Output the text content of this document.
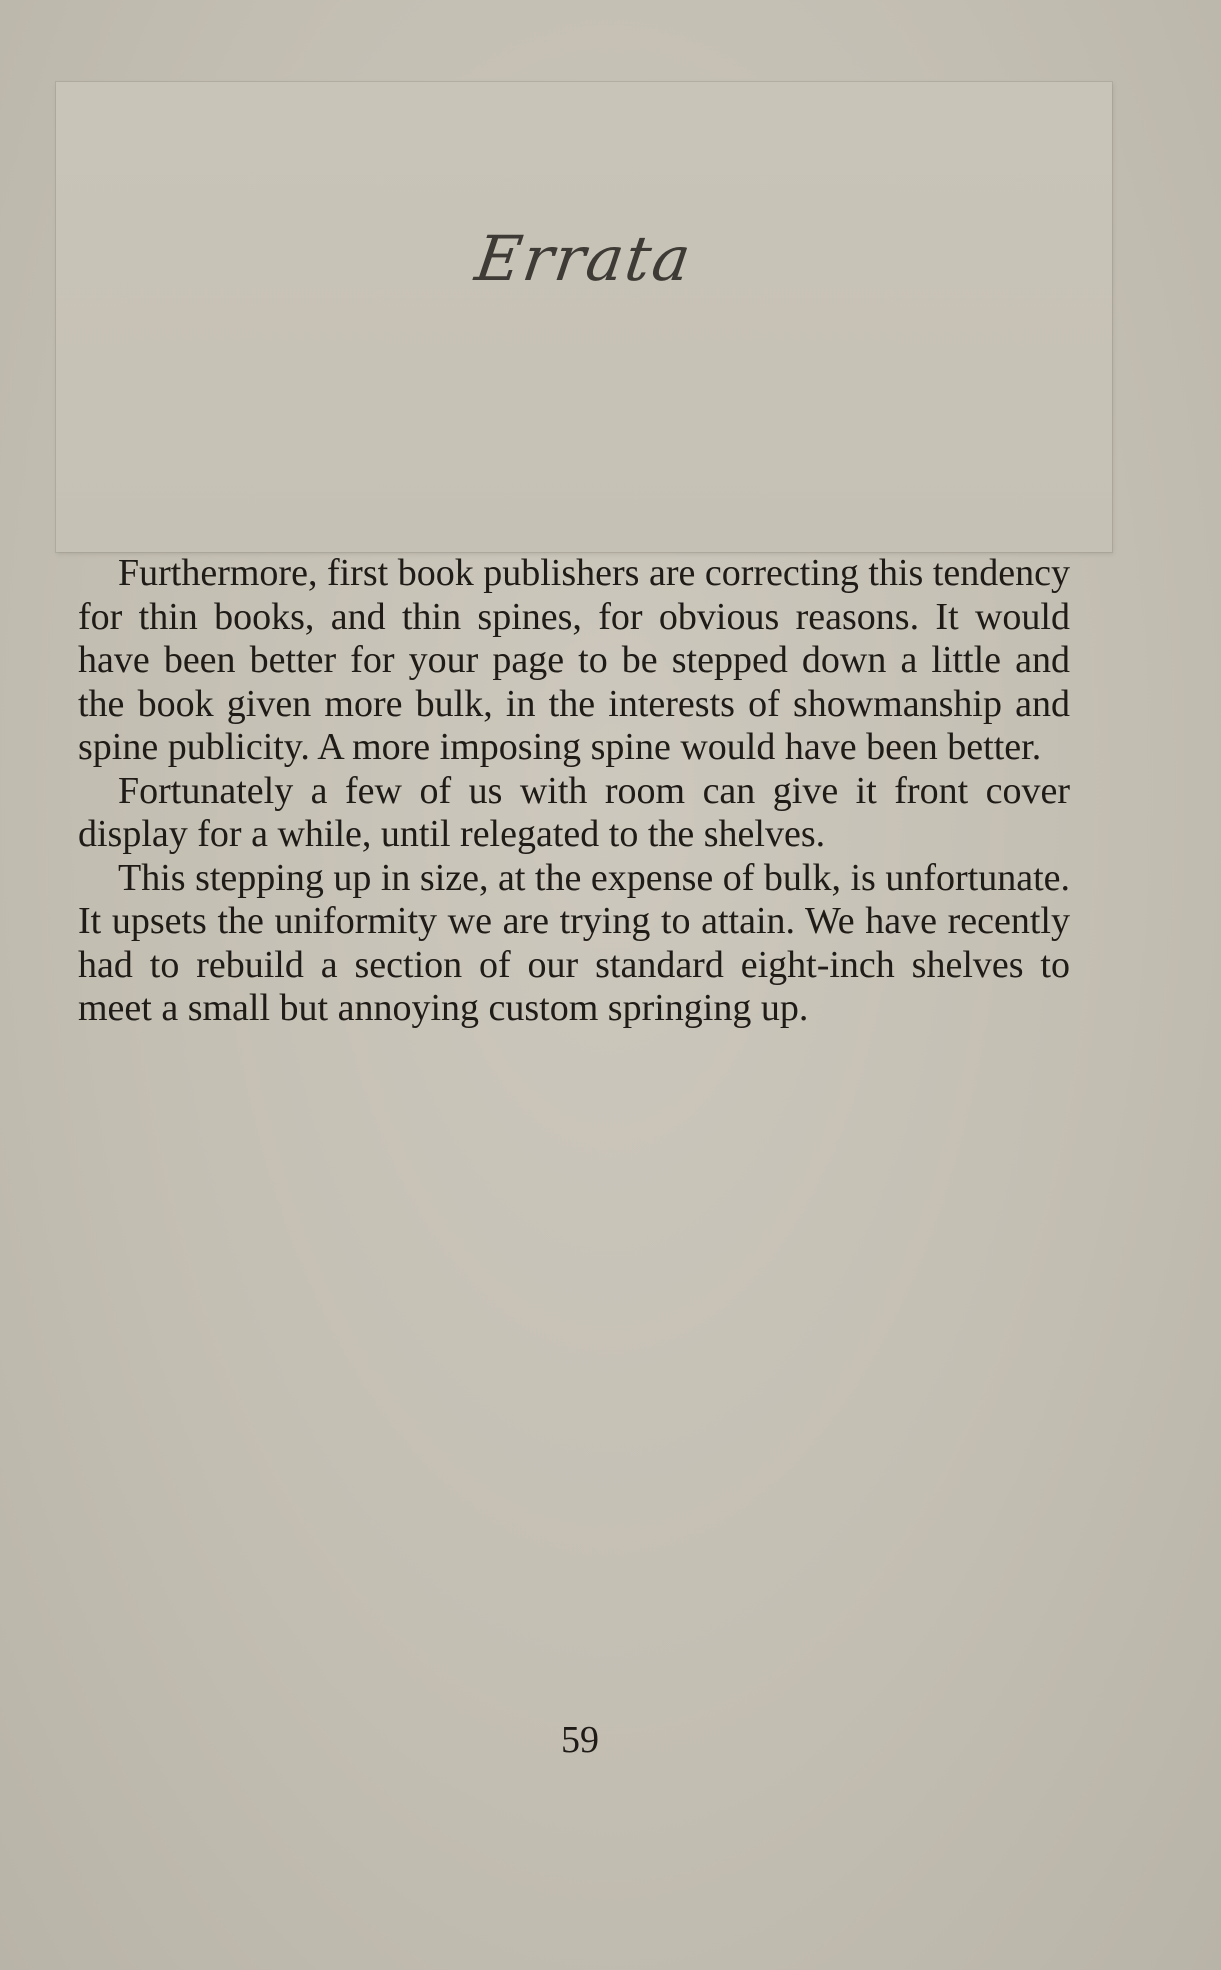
Errata

Furthermore, first book publishers are correcting this tendency for thin books, and thin spines, for obvious reasons. It would have been better for your page to be stepped down a little and the book given more bulk, in the interests of showmanship and spine publicity. A more imposing spine would have been better.

Fortunately a few of us with room can give it front cover display for a while, until relegated to the shelves.

This stepping up in size, at the expense of bulk, is unfortunate. It upsets the uniformity we are trying to attain. We have recently had to rebuild a section of our standard eight-inch shelves to meet a small but annoying custom springing up.

59
